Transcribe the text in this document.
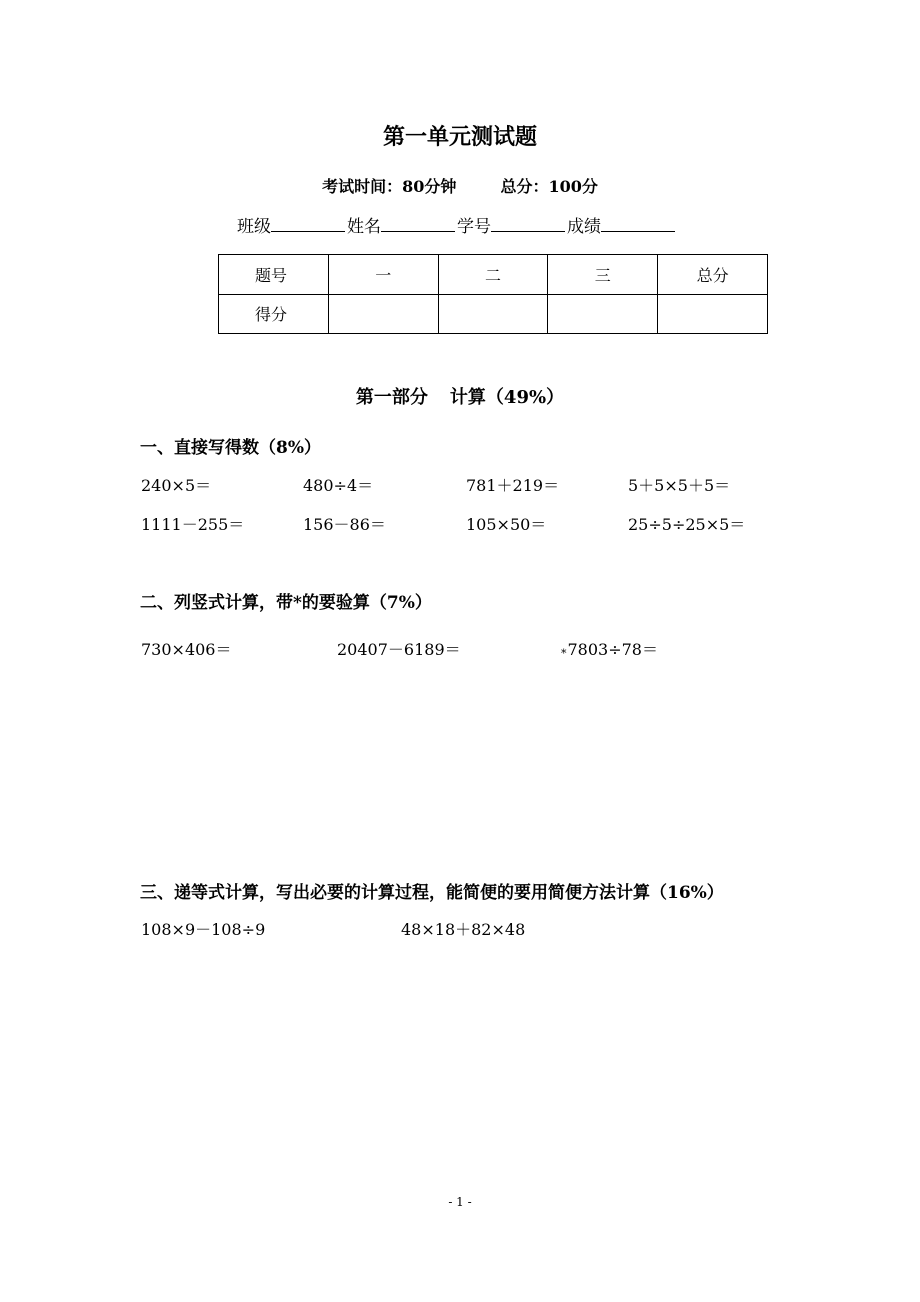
第一单元测试题
考试时间：80分钟	总分：100分
班级	姓名	学号	成绩
题号	一	二	三	总分
得分				
第一部分 计算（49%）
一、直接写得数（8%）
240×5＝	480÷4＝	781＋219＝	5＋5×5＋5＝
1111－255＝	156－86＝	105×50＝	25÷5÷25×5＝
二、列竖式计算，带*的要验算（7%）
730×406＝	20407－6189＝	*7803÷78＝
三、递等式计算，写出必要的计算过程，能简便的要用简便方法计算（16%）
108×9－108÷9	48×18＋82×48
- 1 -
